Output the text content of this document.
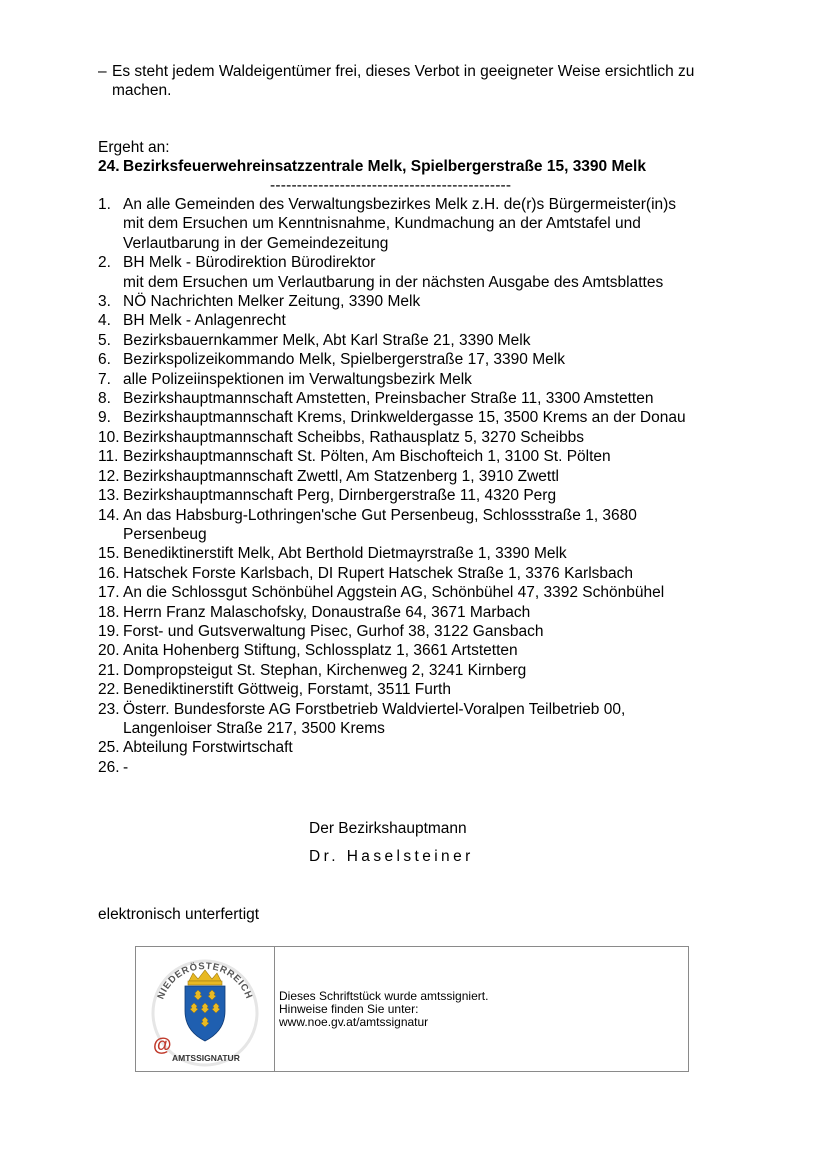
– Es steht jedem Waldeigentümer frei, dieses Verbot in geeigneter Weise ersichtlich zu machen.
Ergeht an:
24. Bezirksfeuerwehreinsatzzentrale Melk, Spielbergerstraße 15, 3390 Melk
---------------------------------------------
1. An alle Gemeinden des Verwaltungsbezirkes Melk z.H. de(r)s Bürgermeister(in)s
mit dem Ersuchen um Kenntnisnahme, Kundmachung an der Amtstafel und
Verlautbarung in der Gemeindezeitung
2. BH Melk - Bürodirektion Bürodirektor
mit dem Ersuchen um Verlautbarung in der nächsten Ausgabe des Amtsblattes
3. NÖ Nachrichten Melker Zeitung, 3390 Melk
4. BH Melk - Anlagenrecht
5. Bezirksbauernkammer Melk, Abt Karl Straße 21, 3390 Melk
6. Bezirkspolizeikommando Melk, Spielbergerstraße 17, 3390 Melk
7. alle Polizeiinspektionen im Verwaltungsbezirk Melk
8. Bezirkshauptmannschaft Amstetten, Preinsbacher Straße 11, 3300 Amstetten
9. Bezirkshauptmannschaft Krems, Drinkweldergasse 15, 3500 Krems an der Donau
10. Bezirkshauptmannschaft Scheibbs, Rathausplatz 5, 3270 Scheibbs
11. Bezirkshauptmannschaft St. Pölten, Am Bischofteich 1, 3100 St. Pölten
12. Bezirkshauptmannschaft Zwettl, Am Statzenberg 1, 3910 Zwettl
13. Bezirkshauptmannschaft Perg, Dirnbergerstraße 11, 4320 Perg
14. An das Habsburg-Lothringen'sche Gut Persenbeug, Schlossstraße 1, 3680
Persenbeug
15. Benediktinerstift Melk, Abt Berthold Dietmayrstraße 1, 3390 Melk
16. Hatschek Forste Karlsbach, DI Rupert Hatschek Straße 1, 3376 Karlsbach
17. An die Schlossgut Schönbühel Aggstein AG, Schönbühel 47, 3392 Schönbühel
18. Herrn Franz Malaschofsky, Donaustraße 64, 3671 Marbach
19. Forst- und Gutsverwaltung Pisec, Gurhof 38, 3122 Gansbach
20. Anita Hohenberg Stiftung, Schlossplatz 1, 3661 Artstetten
21. Dompropsteigut St. Stephan, Kirchenweg 2, 3241 Kirnberg
22. Benediktinerstift Göttweig, Forstamt, 3511 Furth
23. Österr. Bundesforste AG Forstbetrieb Waldviertel-Voralpen Teilbetrieb 00,
Langenloiser Straße 217, 3500 Krems
25. Abteilung Forstwirtschaft
26. -
Der Bezirkshauptmann
Dr. Haselsteiner
elektronisch unterfertigt
NIEDERÖSTERREICH
@
AMTSSIGNATUR
Dieses Schriftstück wurde amtssigniert.
Hinweise finden Sie unter:
www.noe.gv.at/amtssignatur
